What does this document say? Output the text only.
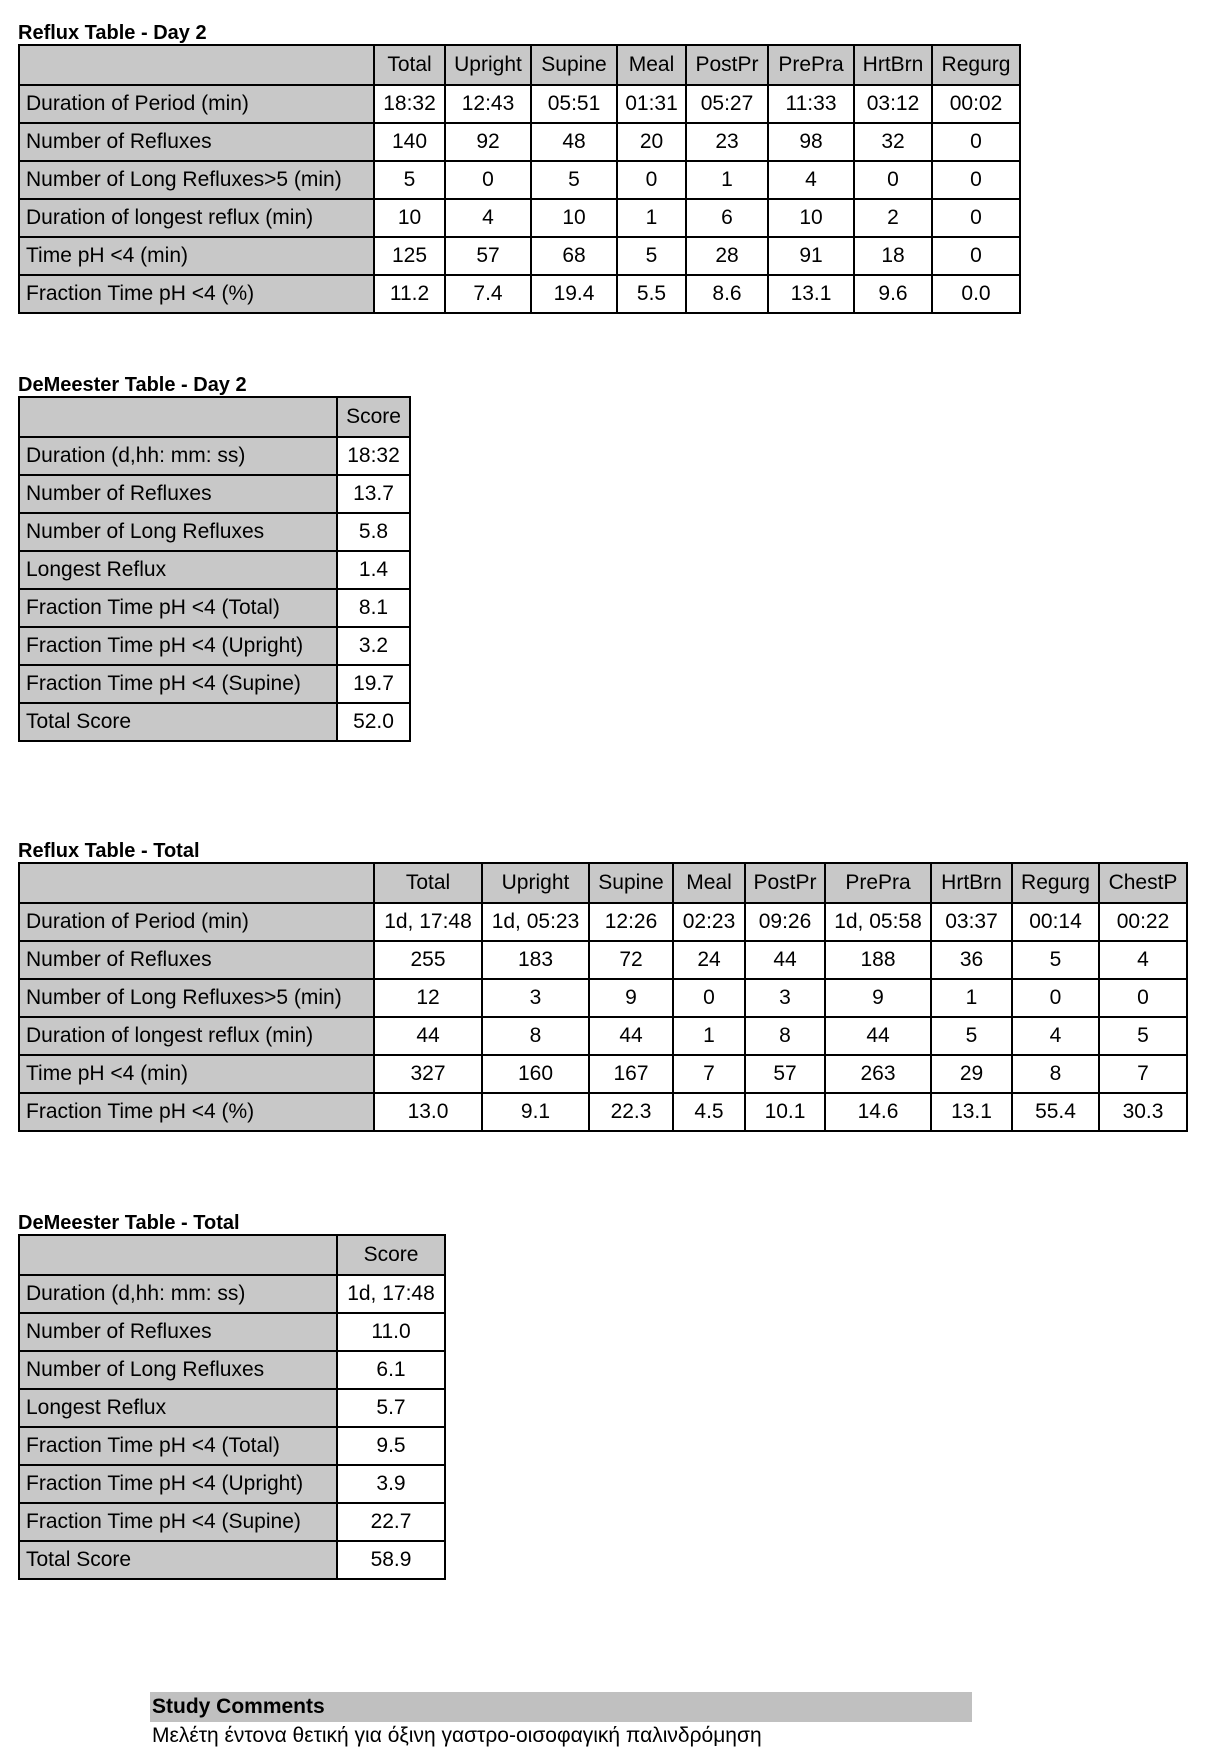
Reflux Table - Day 2
	Total	Upright	Supine	Meal	PostPr	PrePra	HrtBrn	Regurg
Duration of Period (min)	18:32	12:43	05:51	01:31	05:27	11:33	03:12	00:02
Number of Refluxes	140	92	48	20	23	98	32	0
Number of Long Refluxes>5 (min)	5	0	5	0	1	4	0	0
Duration of longest reflux (min)	10	4	10	1	6	10	2	0
Time pH <4 (min)	125	57	68	5	28	91	18	0
Fraction Time pH <4 (%)	11.2	7.4	19.4	5.5	8.6	13.1	9.6	0.0
DeMeester Table - Day 2
	Score
Duration (d,hh: mm: ss)	18:32
Number of Refluxes	13.7
Number of Long Refluxes	5.8
Longest Reflux	1.4
Fraction Time pH <4 (Total)	8.1
Fraction Time pH <4 (Upright)	3.2
Fraction Time pH <4 (Supine)	19.7
Total Score	52.0
Reflux Table - Total
	Total	Upright	Supine	Meal	PostPr	PrePra	HrtBrn	Regurg	ChestP
Duration of Period (min)	1d, 17:48	1d, 05:23	12:26	02:23	09:26	1d, 05:58	03:37	00:14	00:22
Number of Refluxes	255	183	72	24	44	188	36	5	4
Number of Long Refluxes>5 (min)	12	3	9	0	3	9	1	0	0
Duration of longest reflux (min)	44	8	44	1	8	44	5	4	5
Time pH <4 (min)	327	160	167	7	57	263	29	8	7
Fraction Time pH <4 (%)	13.0	9.1	22.3	4.5	10.1	14.6	13.1	55.4	30.3
DeMeester Table - Total
	Score
Duration (d,hh: mm: ss)	1d, 17:48
Number of Refluxes	11.0
Number of Long Refluxes	6.1
Longest Reflux	5.7
Fraction Time pH <4 (Total)	9.5
Fraction Time pH <4 (Upright)	3.9
Fraction Time pH <4 (Supine)	22.7
Total Score	58.9
Study Comments
Μελέτη έντονα θετική για όξινη γαστρο-οισοφαγική παλινδρόμηση
